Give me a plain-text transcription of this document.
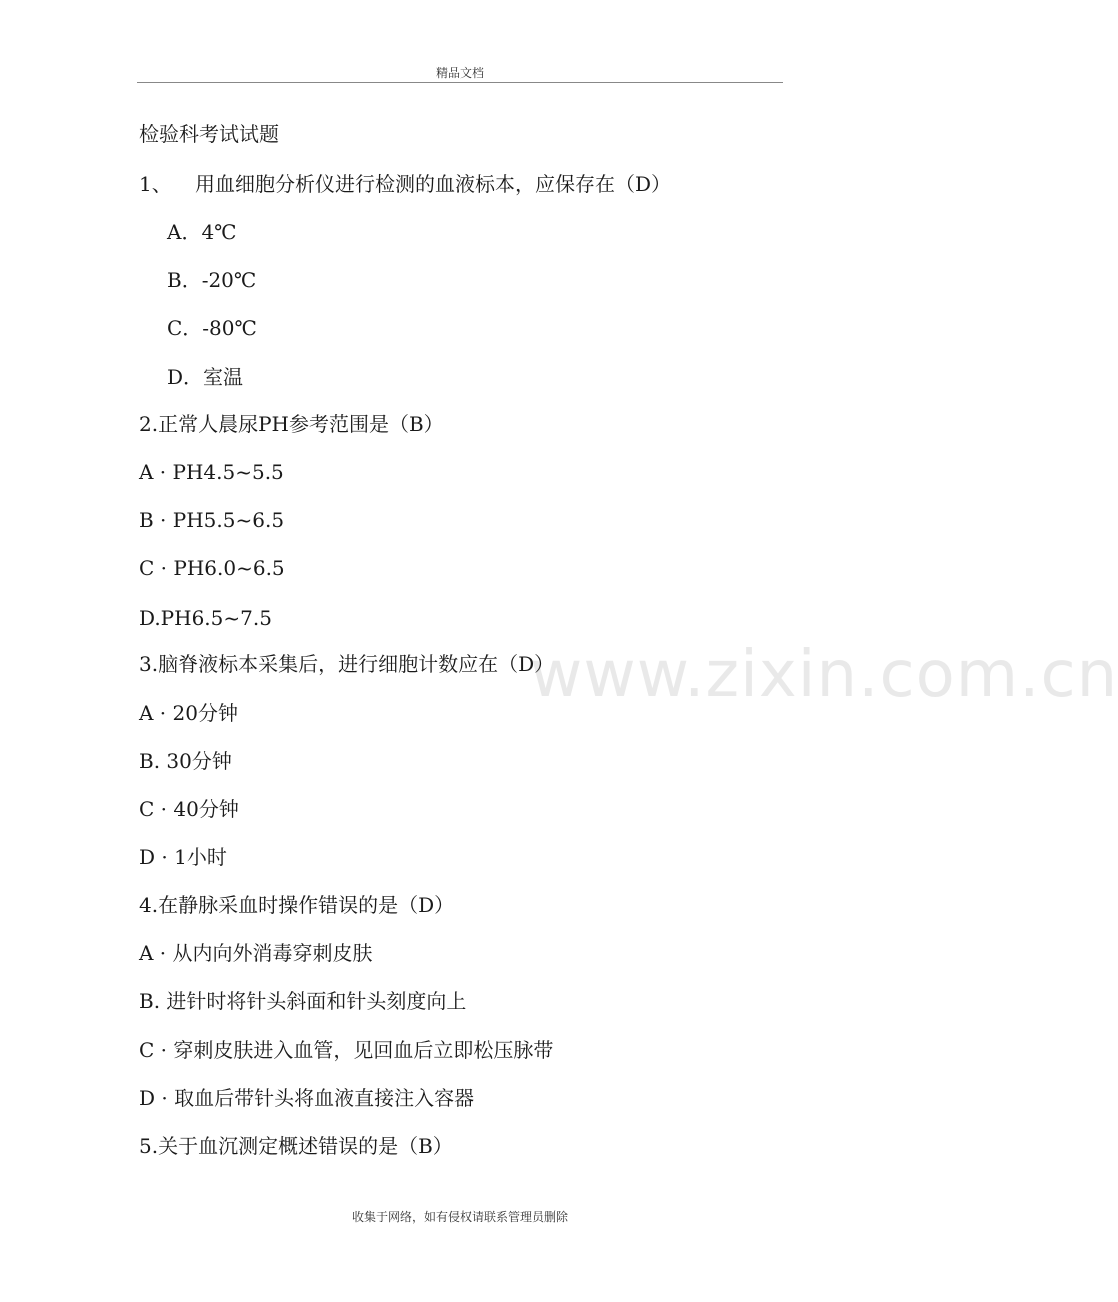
精品文档
检验科考试试题
1、 用血细胞分析仪进行检测的血液标本，应保存在（D）
A．4℃
B．-20℃
C．-80℃
D．室温
2.正常人晨尿PH参考范围是（B）
A · PH4.5~5.5
B · PH5.5~6.5
C · PH6.0~6.5
D.PH6.5~7.5
3.脑脊液标本采集后，进行细胞计数应在（D）
A · 20分钟
B. 30分钟
C · 40分钟
D · 1小时
4.在静脉采血时操作错误的是（D）
A · 从内向外消毒穿刺皮肤
B. 进针时将针头斜面和针头刻度向上
C · 穿刺皮肤进入血管，见回血后立即松压脉带
D · 取血后带针头将血液直接注入容器
5.关于血沉测定概述错误的是（B）
www.zixin.com.cn
收集于网络，如有侵权请联系管理员删除
